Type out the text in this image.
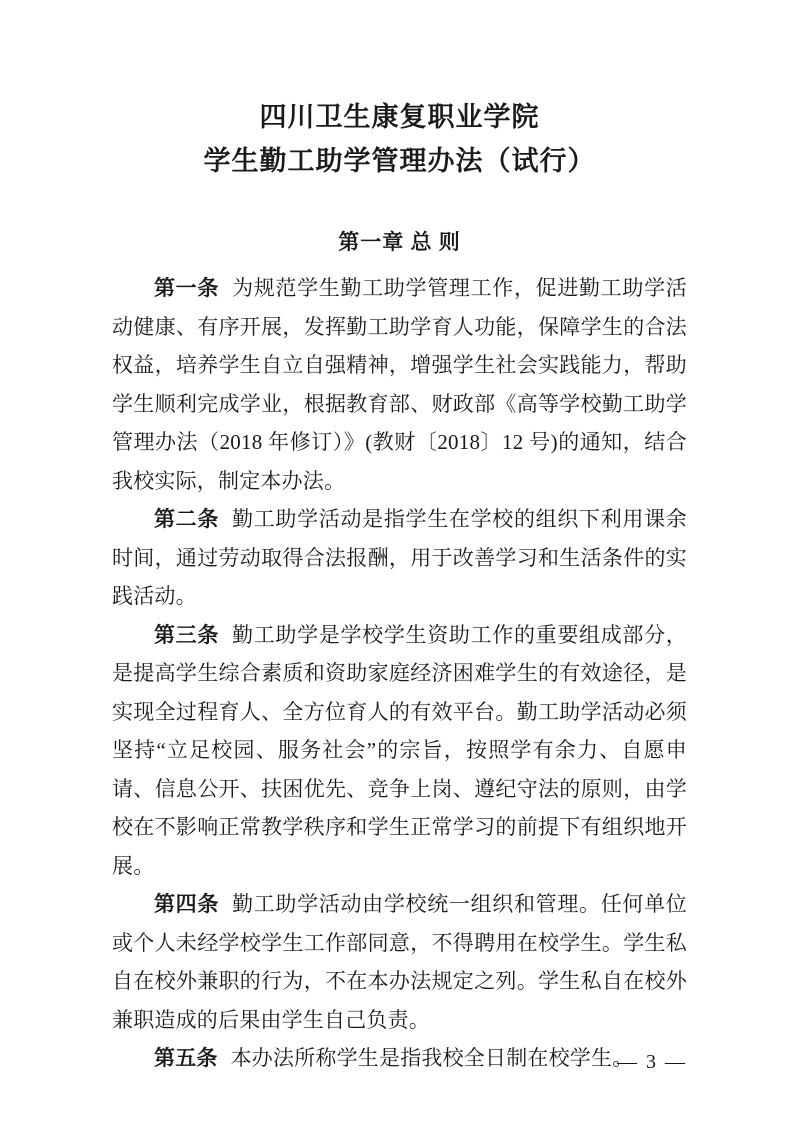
四川卫生康复职业学院
学生勤工助学管理办法（试行）
第一章 总 则

第一条 为规范学生勤工助学管理工作，促进勤工助学活动健康、有序开展，发挥勤工助学育人功能，保障学生的合法权益，培养学生自立自强精神，增强学生社会实践能力，帮助学生顺利完成学业，根据教育部、财政部《高等学校勤工助学管理办法（2018 年修订）》(教财〔2018〕12 号)的通知，结合我校实际，制定本办法。

第二条 勤工助学活动是指学生在学校的组织下利用课余时间，通过劳动取得合法报酬，用于改善学习和生活条件的实践活动。

第三条 勤工助学是学校学生资助工作的重要组成部分，是提高学生综合素质和资助家庭经济困难学生的有效途径，是实现全过程育人、全方位育人的有效平台。勤工助学活动必须坚持“立足校园、服务社会”的宗旨，按照学有余力、自愿申请、信息公开、扶困优先、竞争上岗、遵纪守法的原则，由学校在不影响正常教学秩序和学生正常学习的前提下有组织地开展。

第四条 勤工助学活动由学校统一组织和管理。任何单位或个人未经学校学生工作部同意，不得聘用在校学生。学生私自在校外兼职的行为，不在本办法规定之列。学生私自在校外兼职造成的后果由学生自己负责。

第五条 本办法所称学生是指我校全日制在校学生。

— 3 —
